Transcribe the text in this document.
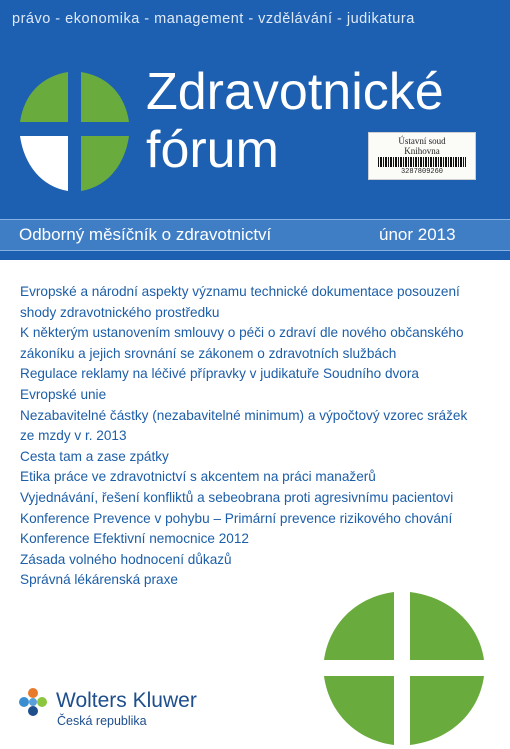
právo - ekonomika - management - vzdělávání - judikatura
Zdravotnické
fórum	Ústavní soud
Knihovna
3287809260
Odborný měsíčník o zdravotnictví	únor 2013
Evropské a národní aspekty významu technické dokumentace posouzení
shody zdravotnického prostředku
K některým ustanovením smlouvy o péči o zdraví dle nového občanského
zákoníku a jejich srovnání se zákonem o zdravotních službách
Regulace reklamy na léčivé přípravky v judikatuře Soudního dvora
Evropské unie
Nezabavitelné částky (nezabavitelné minimum) a výpočtový vzorec srážek
ze mzdy v r. 2013
Cesta tam a zase zpátky
Etika práce ve zdravotnictví s akcentem na práci manažerů
Vyjednávání, řešení konfliktů a sebeobrana proti agresivnímu pacientovi
Konference Prevence v pohybu – Primární prevence rizikového chování
Konference Efektivní nemocnice 2012
Zásada volného hodnocení důkazů
Správná lékárenská praxe
Wolters Kluwer
Česká republika
